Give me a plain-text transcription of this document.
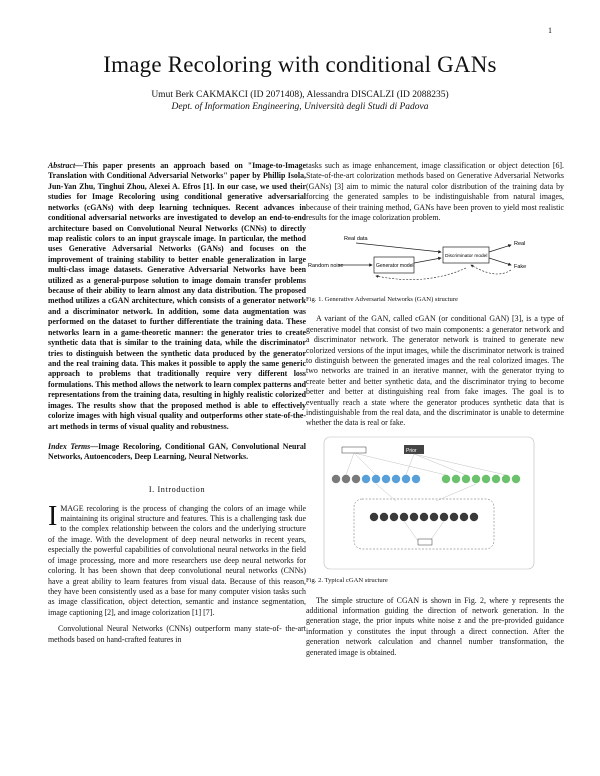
1
Image Recoloring with conditional GANs
Umut Berk CAKMAKCI (ID 2071408), Alessandra DISCALZI (ID 2088235)
Dept. of Information Engineering, Università degli Studi di Padova

Abstract—This paper presents an approach based on "Image-to-Image Translation with Conditional Adversarial Networks" paper by Phillip Isola, Jun-Yan Zhu, Tinghui Zhou, Alexei A. Efros [1]. In our case, we used their studies for Image Recoloring using conditional generative adversarial networks (cGANs) with deep learning techniques. Recent advances in conditional adversarial networks are investigated to develop an end-to-end architecture based on Convolutional Neural Networks (CNNs) to directly map realistic colors to an input grayscale image. In particular, the method uses Generative Adversarial Networks (GANs) and focuses on the improvement of training stability to better enable generalization in large multi-class image datasets. Generative Adversarial Networks have been utilized as a general-purpose solution to image domain transfer problems because of their ability to learn almost any data distribution. The proposed method utilizes a cGAN architecture, which consists of a generator network and a discriminator network. In addition, some data augmentation was performed on the dataset to further differentiate the training data. These networks learn in a game-theoretic manner: the generator tries to create synthetic data that is similar to the training data, while the discriminator tries to distinguish between the synthetic data produced by the generator and the real training data. This makes it possible to apply the same generic approach to problems that traditionally require very different loss formulations. This method allows the network to learn complex patterns and representations from the training data, resulting in highly realistic colorized images. The results show that the proposed method is able to effectively colorize images with high visual quality and outperforms other state-of-the-art methods in terms of visual quality and robustness.

Index Terms—Image Recoloring, Conditional GAN, Convolutional Neural Networks, Autoencoders, Deep Learning, Neural Networks.

I. Introduction

IMAGE recoloring is the process of changing the colors of an image while maintaining its original structure and features. This is a challenging task due to the complex relationship between the colors and the underlying structure of the image. With the development of deep neural networks in recent years, especially the powerful capabilities of convolutional neural networks in the field of image processing, more and more researchers use deep neural networks for coloring. It has been shown that deep convolutional neural networks (CNNs) have a great ability to learn features from visual data. Because of this reason, they have been consistently used as a base for many computer vision tasks such as image classification, object detection, semantic and instance segmentation, image captioning [2], and image colorization [1] [7].

Convolutional Neural Networks (CNNs) outperform many state-of- the-art methods based on hand-crafted features in

tasks such as image enhancement, image classification or object detection [6]. State-of-the-art colorization methods based on Generative Adversarial Networks (GANs) [3] aim to mimic the natural color distribution of the training data by forcing the generated samples to be indistinguishable from natural images, because of their training method, GANs have been proven to yield most realistic results for the image colorization problem.

Real data
Random noise	Generator model
Discriminator model
Real
Fake
Fig. 1. Generative Adversarial Networks (GAN) structure

A variant of the GAN, called cGAN (or conditional GAN) [3], is a type of generative model that consist of two main components: a generator network and a discriminator network. The generator network is trained to generate new colorized versions of the input images, while the discriminator network is trained to distinguish between the generated images and the real colorized images. The two networks are trained in an iterative manner, with the generator trying to create better and better synthetic data, and the discriminator trying to become better and better at distinguishing real from fake images. The goal is to eventually reach a state where the generator produces synthetic data that is indistinguishable from the real data, and the discriminator is unable to determine whether the data is real or fake.

Prior
Fig. 2. Typical cGAN structure

The simple structure of CGAN is shown in Fig. 2, where y represents the additional information guiding the direction of network generation. In the generation stage, the prior inputs white noise z and the pre-provided guidance information y constitutes the input through a direct connection. After the generation network calculation and channel number transformation, the generated image is obtained.
